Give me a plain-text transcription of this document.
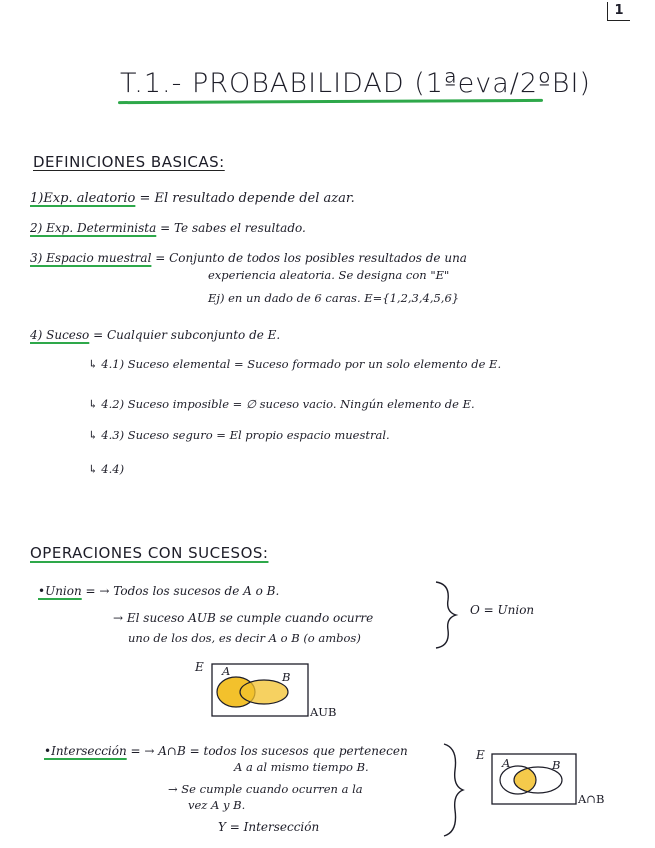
1
T.1.- PROBABILIDAD (1ªeva/2ºBI)
DEFINICIONES BASICAS:
1)Exp. aleatorio = El resultado depende del azar.
2) Exp. Determinista = Te sabes el resultado.
3) Espacio muestral = Conjunto de todos los posibles resultados de una
experiencia aleatoria. Se designa con "E"
Ej) en un dado de 6 caras. E={1,2,3,4,5,6}
4) Suceso = Cualquier subconjunto de E.
↳ 4.1) Suceso elemental = Suceso formado por un solo elemento de E.
↳ 4.2) Suceso imposible = ∅ suceso vacio. Ningún elemento de E.
↳ 4.3) Suceso seguro = El propio espacio muestral.
↳ 4.4)
OPERACIONES CON SUCESOS:
•Union = → Todos los sucesos de A o B.
→ El suceso AUB se cumple cuando ocurre
uno de los dos, es decir A o B (o ambos)
O = Union
E A	B
AUB
•Intersección = → A∩B = todos los sucesos que pertenecen
A a al mismo tiempo B.
→ Se cumple cuando ocurren a la
vez A y B.
Y = Intersección
E
A	B
A∩B
